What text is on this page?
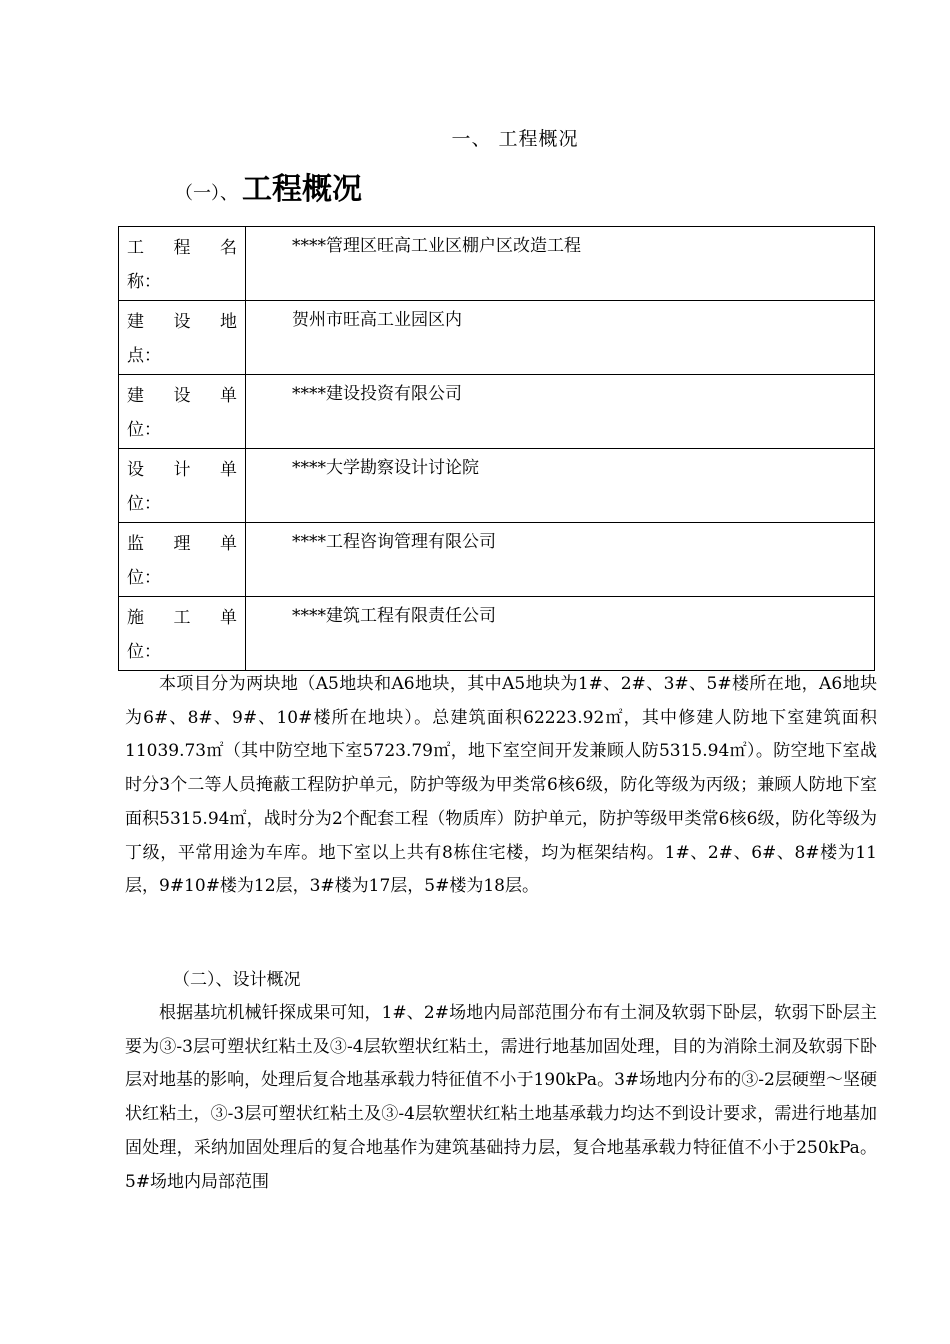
一、 工程概况
（一）、 工程概况
工 程 名
称：	****管理区旺高工业区棚户区改造工程

建 设 地
点：	贺州市旺高工业园区内

建 设 单
位：	****建设投资有限公司

设 计 单
位：	****大学勘察设计讨论院

监 理 单
位：	****工程咨询管理有限公司

施 工 单
位：	****建筑工程有限责任公司
本项目分为两块地（A5地块和A6地块，其中A5地块为1#、2#、3#、5#楼所在地，A6地块为6#、8#、9#、10#楼所在地块）。总建筑面积62223.92㎡，其中修建人防地下室建筑面积11039.73㎡（其中防空地下室5723.79㎡，地下室空间开发兼顾人防5315.94㎡）。防空地下室战时分3个二等人员掩蔽工程防护单元，防护等级为甲类常6核6级，防化等级为丙级；兼顾人防地下室面积5315.94㎡，战时分为2个配套工程（物质库）防护单元，防护等级甲类常6核6级，防化等级为丁级，平常用途为车库。地下室以上共有8栋住宅楼，均为框架结构。1#、2#、6#、8#楼为11层，9#10#楼为12层，3#楼为17层，5#楼为18层。
（二）、设计概况
根据基坑机械钎探成果可知，1#、2#场地内局部范围分布有土洞及软弱下卧层，软弱下卧层主要为③-3层可塑状红粘土及③-4层软塑状红粘土，需进行地基加固处理，目的为消除土洞及软弱下卧层对地基的影响，处理后复合地基承载力特征值不小于190kPa。3#场地内分布的③-2层硬塑～坚硬状红粘土，③-3层可塑状红粘土及③-4层软塑状红粘土地基承载力均达不到设计要求，需进行地基加固处理，采纳加固处理后的复合地基作为建筑基础持力层，复合地基承载力特征值不小于250kPa。5#场地内局部范围
